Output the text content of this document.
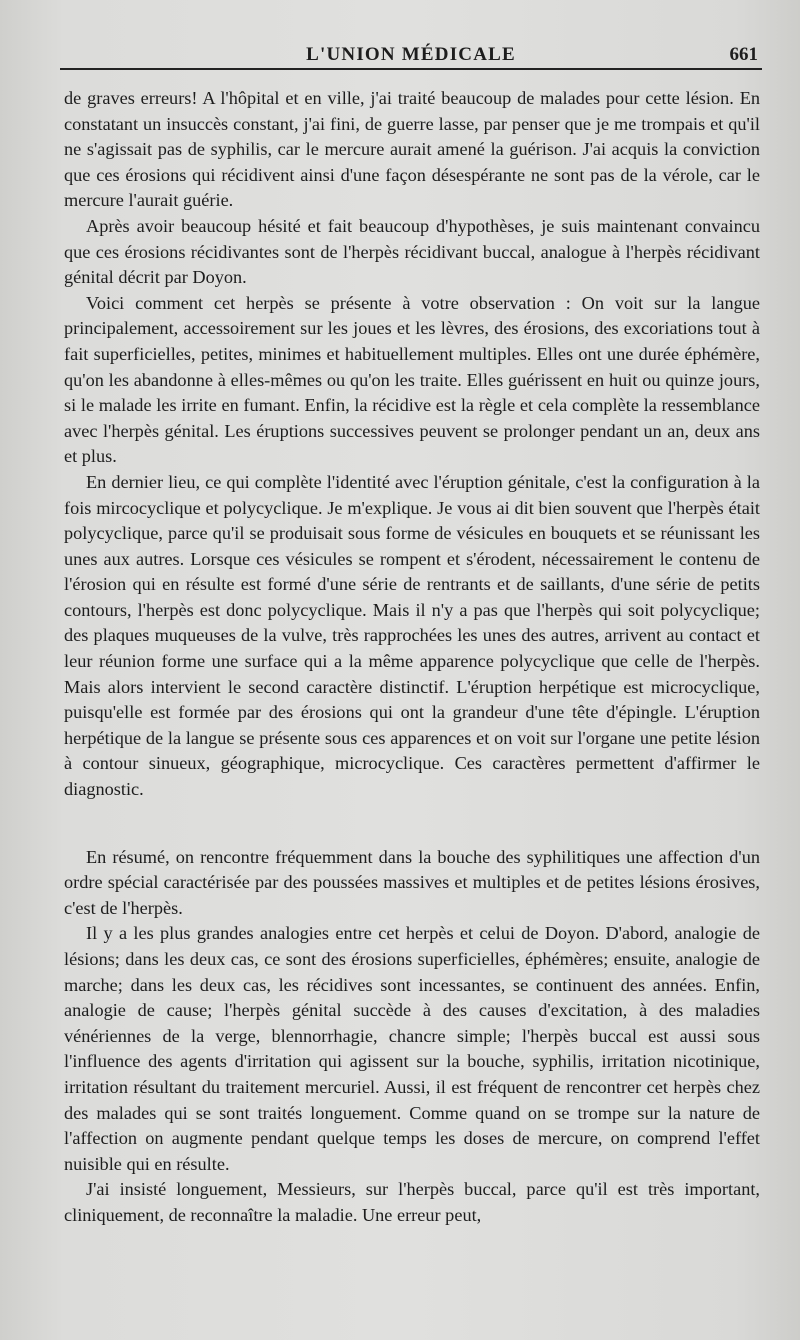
L'UNION MÉDICALE	661

de graves erreurs! A l'hôpital et en ville, j'ai traité beaucoup de malades pour cette lésion. En constatant un insuccès constant, j'ai fini, de guerre lasse, par penser que je me trompais et qu'il ne s'agissait pas de syphilis, car le mercure aurait amené la guérison. J'ai acquis la conviction que ces érosions qui récidivent ainsi d'une façon désespérante ne sont pas de la vérole, car le mercure l'aurait guérie.

Après avoir beaucoup hésité et fait beaucoup d'hypothèses, je suis maintenant convaincu que ces érosions récidivantes sont de l'herpès récidivant buccal, analogue à l'herpès récidivant génital décrit par Doyon.

Voici comment cet herpès se présente à votre observation : On voit sur la langue principalement, accessoirement sur les joues et les lèvres, des érosions, des excoriations tout à fait superficielles, petites, minimes et habituellement multiples. Elles ont une durée éphémère, qu'on les abandonne à elles-mêmes ou qu'on les traite. Elles guérissent en huit ou quinze jours, si le malade les irrite en fumant. Enfin, la récidive est la règle et cela complète la ressemblance avec l'herpès génital. Les éruptions successives peuvent se prolonger pendant un an, deux ans et plus.

En dernier lieu, ce qui complète l'identité avec l'éruption génitale, c'est la configuration à la fois mircocyclique et polycyclique. Je m'explique. Je vous ai dit bien souvent que l'herpès était polycyclique, parce qu'il se produisait sous forme de vésicules en bouquets et se réunissant les unes aux autres. Lorsque ces vésicules se rompent et s'érodent, nécessairement le contenu de l'érosion qui en résulte est formé d'une série de rentrants et de saillants, d'une série de petits contours, l'herpès est donc polycyclique. Mais il n'y a pas que l'herpès qui soit polycyclique; des plaques muqueuses de la vulve, très rapprochées les unes des autres, arrivent au contact et leur réunion forme une surface qui a la même apparence polycyclique que celle de l'herpès. Mais alors intervient le second caractère distinctif. L'éruption herpétique est microcyclique, puisqu'elle est formée par des érosions qui ont la grandeur d'une tête d'épingle. L'éruption herpétique de la langue se présente sous ces apparences et on voit sur l'organe une petite lésion à contour sinueux, géographique, microcyclique. Ces caractères permettent d'affirmer le diagnostic.

En résumé, on rencontre fréquemment dans la bouche des syphilitiques une affection d'un ordre spécial caractérisée par des poussées massives et multiples et de petites lésions érosives, c'est de l'herpès.

Il y a les plus grandes analogies entre cet herpès et celui de Doyon. D'abord, analogie de lésions; dans les deux cas, ce sont des érosions superficielles, éphémères; ensuite, analogie de marche; dans les deux cas, les récidives sont incessantes, se continuent des années. Enfin, analogie de cause; l'herpès génital succède à des causes d'excitation, à des maladies vénériennes de la verge, blennorrhagie, chancre simple; l'herpès buccal est aussi sous l'influence des agents d'irritation qui agissent sur la bouche, syphilis, irritation nicotinique, irritation résultant du traitement mercuriel. Aussi, il est fréquent de rencontrer cet herpès chez des malades qui se sont traités longuement. Comme quand on se trompe sur la nature de l'affection on augmente pendant quelque temps les doses de mercure, on comprend l'effet nuisible qui en résulte.

J'ai insisté longuement, Messieurs, sur l'herpès buccal, parce qu'il est très important, cliniquement, de reconnaître la maladie. Une erreur peut,
